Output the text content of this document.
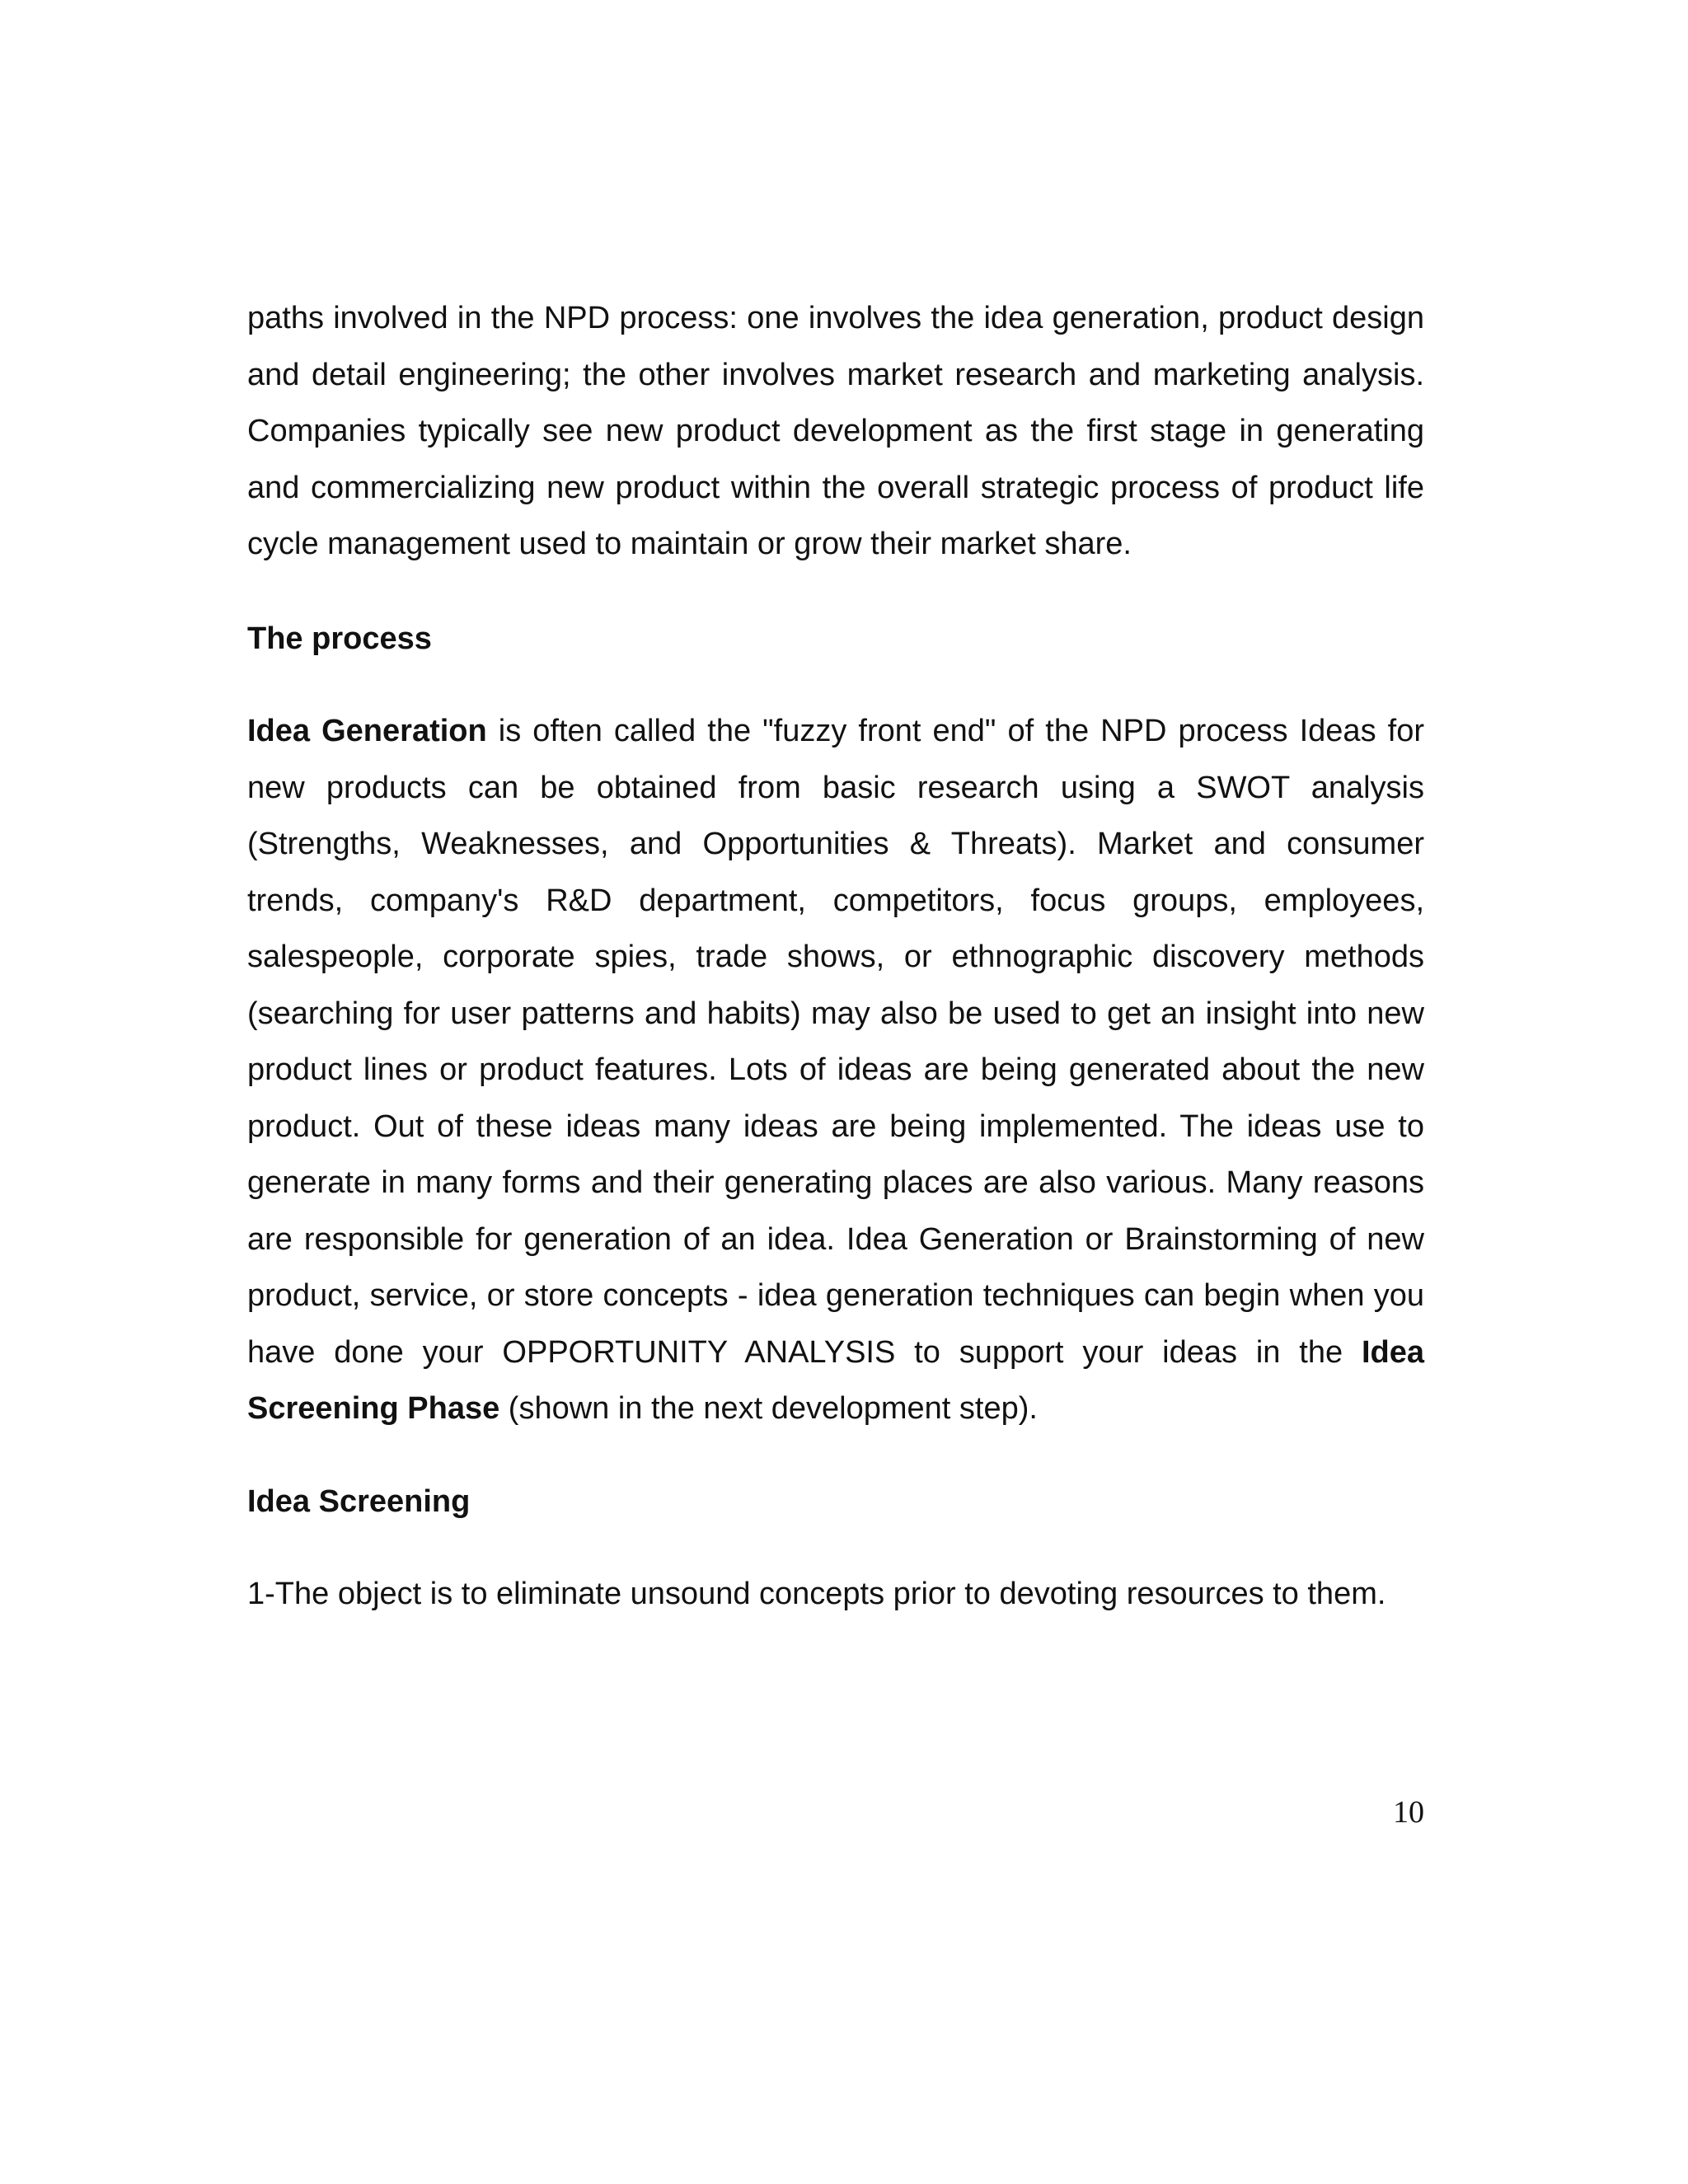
paths involved in the NPD process: one involves the idea generation, product design and detail engineering; the other involves market research and marketing analysis. Companies typically see new product development as the first stage in generating and commercializing new product within the overall strategic process of product life cycle management used to maintain or grow their market share.

The process

Idea Generation is often called the "fuzzy front end" of the NPD process Ideas for new products can be obtained from basic research using a SWOT analysis (Strengths, Weaknesses, and Opportunities & Threats). Market and consumer trends, company's R&D department, competitors, focus groups, employees, salespeople, corporate spies, trade shows, or ethnographic discovery methods (searching for user patterns and habits) may also be used to get an insight into new product lines or product features. Lots of ideas are being generated about the new product. Out of these ideas many ideas are being implemented. The ideas use to generate in many forms and their generating places are also various. Many reasons are responsible for generation of an idea. Idea Generation or Brainstorming of new product, service, or store concepts - idea generation techniques can begin when you have done your OPPORTUNITY ANALYSIS to support your ideas in the Idea Screening Phase (shown in the next development step).

Idea Screening

1-The object is to eliminate unsound concepts prior to devoting resources to them.

10
